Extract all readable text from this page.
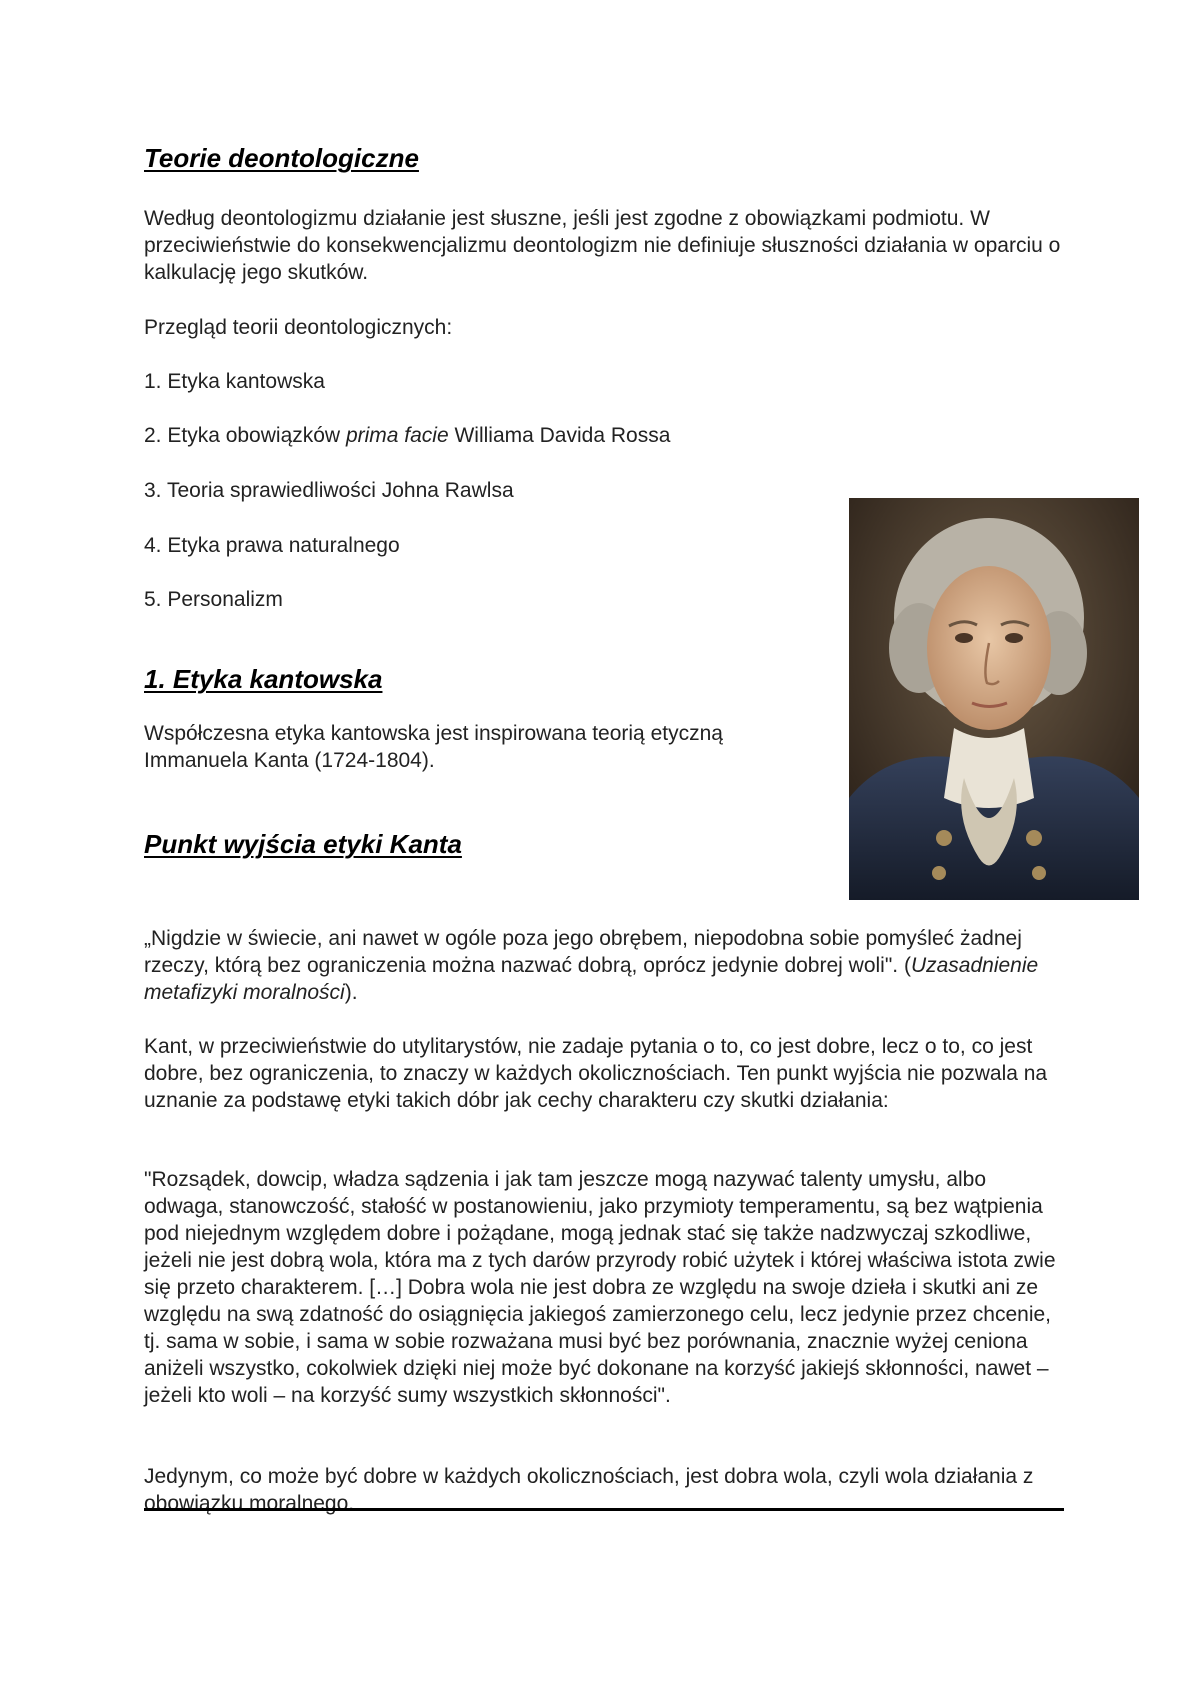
Teorie deontologiczne

Według deontologizmu działanie jest słuszne, jeśli jest zgodne z obowiązkami podmiotu. W przeciwieństwie do konsekwencjalizmu deontologizm nie definiuje słuszności działania w oparciu o kalkulację jego skutków.

Przegląd teorii deontologicznych:

1. Etyka kantowska

2. Etyka obowiązków prima facie Williama Davida Rossa

3. Teoria sprawiedliwości Johna Rawlsa

4. Etyka prawa naturalnego

5. Personalizm

1. Etyka kantowska

Współczesna etyka kantowska jest inspirowana teorią etyczną Immanuela Kanta (1724-1804).

Punkt wyjścia etyki Kanta

„Nigdzie w świecie, ani nawet w ogóle poza jego obrębem, niepodobna sobie pomyśleć żadnej rzeczy, którą bez ograniczenia można nazwać dobrą, oprócz jedynie dobrej woli". (Uzasadnienie metafizyki moralności).

Kant, w przeciwieństwie do utylitarystów, nie zadaje pytania o to, co jest dobre, lecz o to, co jest dobre, bez ograniczenia, to znaczy w każdych okolicznościach. Ten punkt wyjścia nie pozwala na uznanie za podstawę etyki takich dóbr jak cechy charakteru czy skutki działania:

"Rozsądek, dowcip, władza sądzenia i jak tam jeszcze mogą nazywać talenty umysłu, albo odwaga, stanowczość, stałość w postanowieniu, jako przymioty temperamentu, są bez wątpienia pod niejednym względem dobre i pożądane, mogą jednak stać się także nadzwyczaj szkodliwe, jeżeli nie jest dobrą wola, która ma z tych darów przyrody robić użytek i której właściwa istota zwie się przeto charakterem. […] Dobra wola nie jest dobra ze względu na swoje dzieła i skutki ani ze względu na swą zdatność do osiągnięcia jakiegoś zamierzonego celu, lecz jedynie przez chcenie, tj. sama w sobie, i sama w sobie rozważana musi być bez porównania, znacznie wyżej ceniona aniżeli wszystko, cokolwiek dzięki niej może być dokonane na korzyść jakiejś skłonności, nawet – jeżeli kto woli – na korzyść sumy wszystkich skłonności".

Jedynym, co może być dobre w każdych okolicznościach, jest dobra wola, czyli wola działania z obowiązku moralnego.
